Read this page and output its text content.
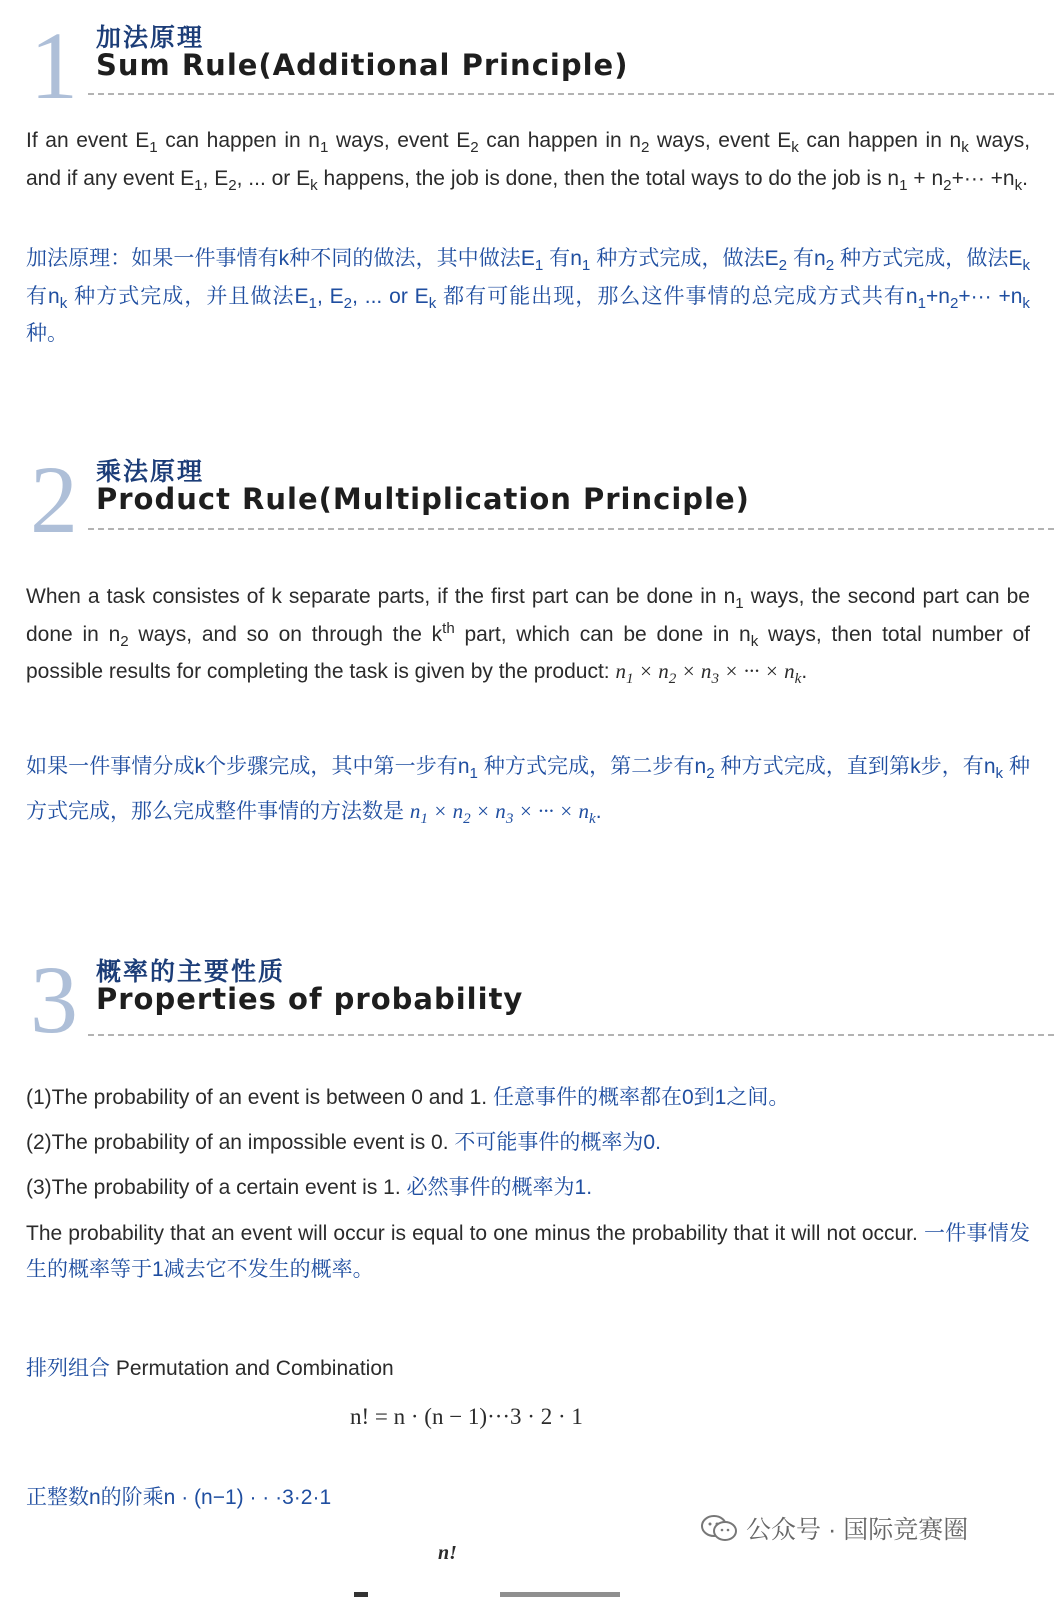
1 加法原理
Sum Rule(Additional Principle)
If an event $E_1$ can happen in $n_1$ ways, event $E_2$ can happen in $n_2$ ways, event $E_k$ can happen in $n_k$ ways, and if any event $E_1$, $E_2$, ... or $E_k$ happens, the job is done, then the total ways to do the job is $n_1 + n_2+\cdot\cdot\cdot +n_k$.
加法原理：如果一件事情有k种不同的做法，其中做法$E_1$ 有$n_1$ 种方式完成，做法$E_2$ 有$n_2$ 种方式完成，做法$E_k$ 有$n_k$ 种方式完成，并且做法$E_1$, $E_2$, ... or $E_k$ 都有可能出现，那么这件事情的总完成方式共有$n_1+n_2+\cdot\cdot\cdot +n_k$种。
2 乘法原理
Product Rule(Multiplication Principle)
When a task consistes of k separate parts, if the first part can be done in $n_1$ ways, the second part can be done in $n_2$ ways, and so on through the $k^{th}$ part, which can be done in $n_k$ ways, then total number of possible results for completing the task is given by the product: $n_1 \times n_2 \times n_3$ × ··· × $n_k$.
如果一件事情分成k个步骤完成，其中第一步有$n_1$ 种方式完成，第二步有$n_2$ 种方式完成，直到第k步，有$n_k$ 种方式完成，那么完成整件事情的方法数是 $n_1 \times n_2 \times n_3$ × ··· × $n_k$.
3 概率的主要性质
Properties of probability
(1)The probability of an event is between 0 and 1. 任意事件的概率都在0到1之间。
(2)The probability of an impossible event is 0. 不可能事件的概率为0.
(3)The probability of a certain event is 1. 必然事件的概率为1.
The probability that an event will occur is equal to one minus the probability that it will not occur. 一件事情发生的概率等于1减去它不发生的概率。
排列组合 Permutation and Combination
n! = n · (n − 1)···3 · 2 · 1
正整数n的阶乘n · (n−1) · · ·3·2·1
n!
公众号 · 国际竞赛圈
